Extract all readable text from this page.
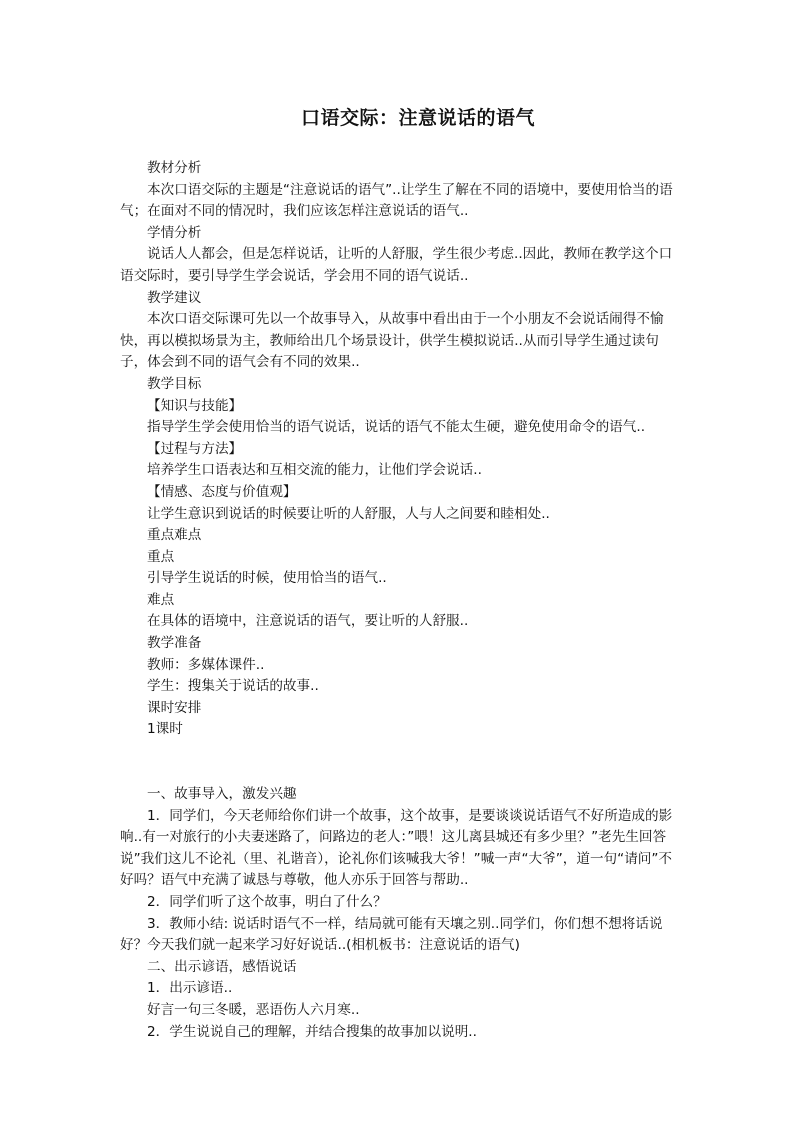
口语交际：注意说话的语气

教材分析

本次口语交际的主题是“注意说话的语气”..让学生了解在不同的语境中，要使用恰当的语气；在面对不同的情况时，我们应该怎样注意说话的语气..

学情分析

说话人人都会，但是怎样说话，让听的人舒服，学生很少考虑..因此，教师在教学这个口语交际时，要引导学生学会说话，学会用不同的语气说话..

教学建议

本次口语交际课可先以一个故事导入，从故事中看出由于一个小朋友不会说话闹得不愉快，再以模拟场景为主，教师给出几个场景设计，供学生模拟说话..从而引导学生通过读句子，体会到不同的语气会有不同的效果..

教学目标

【知识与技能】

指导学生学会使用恰当的语气说话，说话的语气不能太生硬，避免使用命令的语气..

【过程与方法】

培养学生口语表达和互相交流的能力，让他们学会说话..

【情感、态度与价值观】

让学生意识到说话的时候要让听的人舒服，人与人之间要和睦相处..

重点难点

重点

引导学生说话的时候，使用恰当的语气..

难点

在具体的语境中，注意说话的语气，要让听的人舒服..

教学准备

教师：多媒体课件..

学生：搜集关于说话的故事..

课时安排

1课时

一、故事导入，激发兴趣

1．同学们，今天老师给你们讲一个故事，这个故事，是要谈谈说话语气不好所造成的影响..有一对旅行的小夫妻迷路了，问路边的老人：”喂！这儿离县城还有多少里？”老先生回答说”我们这儿不论礼（里、礼谐音），论礼你们该喊我大爷！”喊一声“大爷”，道一句“请问”不好吗？语气中充满了诚恳与尊敬，他人亦乐于回答与帮助..

2．同学们听了这个故事，明白了什么？

3．教师小结: 说话时语气不一样，结局就可能有天壤之别..同学们，你们想不想将话说好？今天我们就一起来学习好好说话..(相机板书：注意说话的语气)

二、出示谚语，感悟说话

1．出示谚语..

好言一句三冬暖，恶语伤人六月寒..

2．学生说说自己的理解，并结合搜集的故事加以说明..
